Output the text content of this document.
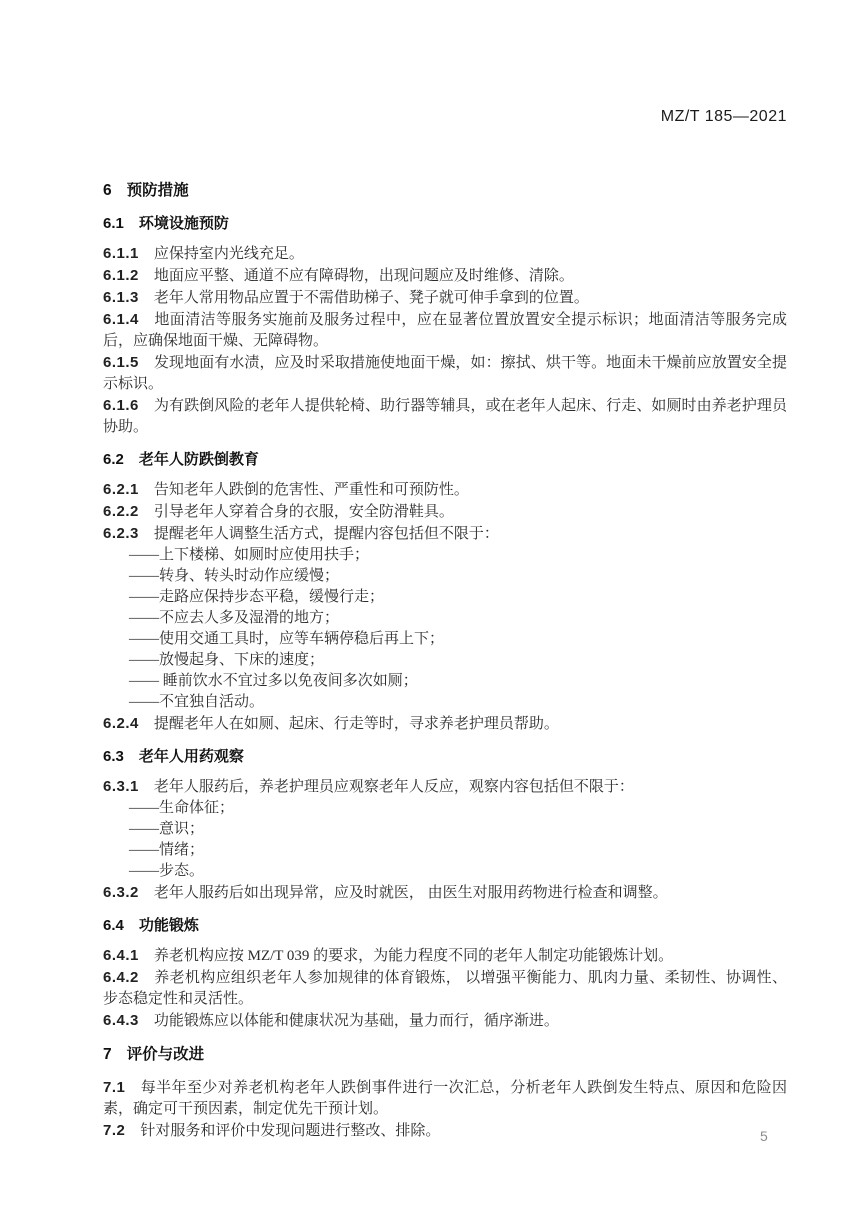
MZ/T 185—2021

6 预防措施

6.1 环境设施预防

6.1.1 应保持室内光线充足。

6.1.2 地面应平整、通道不应有障碍物，出现问题应及时维修、清除。

6.1.3 老年人常用物品应置于不需借助梯子、凳子就可伸手拿到的位置。

6.1.4 地面清洁等服务实施前及服务过程中，应在显著位置放置安全提示标识；地面清洁等服务完成后，应确保地面干燥、无障碍物。

6.1.5 发现地面有水渍，应及时采取措施使地面干燥，如：擦拭、烘干等。地面未干燥前应放置安全提示标识。

6.1.6 为有跌倒风险的老年人提供轮椅、助行器等辅具，或在老年人起床、行走、如厕时由养老护理员协助。

6.2 老年人防跌倒教育

6.2.1 告知老年人跌倒的危害性、严重性和可预防性。

6.2.2 引导老年人穿着合身的衣服，安全防滑鞋具。

6.2.3 提醒老年人调整生活方式，提醒内容包括但不限于：

——上下楼梯、如厕时应使用扶手；

——转身、转头时动作应缓慢；

——走路应保持步态平稳，缓慢行走；

——不应去人多及湿滑的地方；

——使用交通工具时，应等车辆停稳后再上下；

——放慢起身、下床的速度；

—— 睡前饮水不宜过多以免夜间多次如厕；

——不宜独自活动。

6.2.4 提醒老年人在如厕、起床、行走等时，寻求养老护理员帮助。

6.3 老年人用药观察

6.3.1 老年人服药后，养老护理员应观察老年人反应，观察内容包括但不限于：

——生命体征；

——意识；

——情绪；

——步态。

6.3.2 老年人服药后如出现异常，应及时就医， 由医生对服用药物进行检查和调整。

6.4 功能锻炼

6.4.1 养老机构应按 MZ/T 039 的要求，为能力程度不同的老年人制定功能锻炼计划。

6.4.2 养老机构应组织老年人参加规律的体育锻炼， 以增强平衡能力、肌肉力量、柔韧性、协调性、步态稳定性和灵活性。

6.4.3 功能锻炼应以体能和健康状况为基础，量力而行，循序渐进。

7 评价与改进

7.1 每半年至少对养老机构老年人跌倒事件进行一次汇总，分析老年人跌倒发生特点、原因和危险因素，确定可干预因素，制定优先干预计划。

7.2 针对服务和评价中发现问题进行整改、排除。	5
